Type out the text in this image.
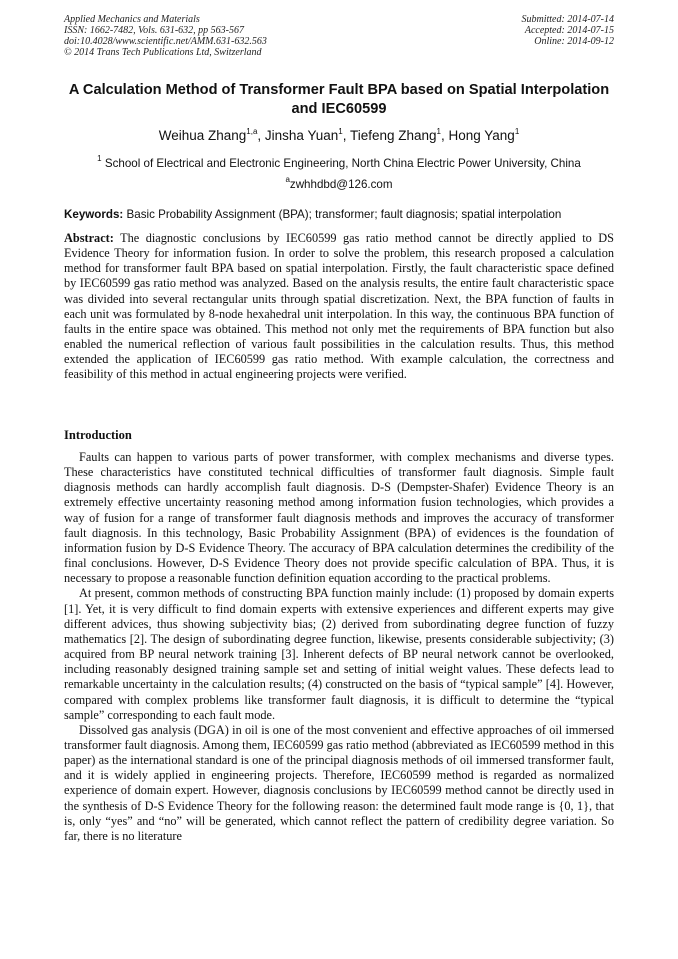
Applied Mechanics and Materials
ISSN: 1662-7482, Vols. 631-632, pp 563-567
doi:10.4028/www.scientific.net/AMM.631-632.563
© 2014 Trans Tech Publications Ltd, Switzerland
Submitted: 2014-07-14
Accepted: 2014-07-15
Online: 2014-09-12
A Calculation Method of Transformer Fault BPA based on Spatial Interpolation and IEC60599
Weihua Zhang$^{1,a}$, Jinsha Yuan$^1$, Tiefeng Zhang$^1$, Hong Yang$^1$
$^1$ School of Electrical and Electronic Engineering, North China Electric Power University, China
$^a$zwhhdbd@126.com
Keywords: Basic Probability Assignment (BPA); transformer; fault diagnosis; spatial interpolation
Abstract: The diagnostic conclusions by IEC60599 gas ratio method cannot be directly applied to DS Evidence Theory for information fusion. In order to solve the problem, this research proposed a calculation method for transformer fault BPA based on spatial interpolation. Firstly, the fault characteristic space defined by IEC60599 gas ratio method was analyzed. Based on the analysis results, the entire fault characteristic space was divided into several rectangular units through spatial discretization. Next, the BPA function of faults in each unit was formulated by 8-node hexahedral unit interpolation. In this way, the continuous BPA function of faults in the entire space was obtained. This method not only met the requirements of BPA function but also enabled the numerical reflection of various fault possibilities in the calculation results. Thus, this method extended the application of IEC60599 gas ratio method. With example calculation, the correctness and feasibility of this method in actual engineering projects were verified.
Introduction

Faults can happen to various parts of power transformer, with complex mechanisms and diverse types. These characteristics have constituted technical difficulties of transformer fault diagnosis. Simple fault diagnosis methods can hardly accomplish fault diagnosis. D-S (Dempster-Shafer) Evidence Theory is an extremely effective uncertainty reasoning method among information fusion technologies, which provides a way of fusion for a range of transformer fault diagnosis methods and improves the accuracy of transformer fault diagnosis. In this technology, Basic Probability Assignment (BPA) of evidences is the foundation of information fusion by D-S Evidence Theory. The accuracy of BPA calculation determines the credibility of the final conclusions. However, D-S Evidence Theory does not provide specific calculation of BPA. Thus, it is necessary to propose a reasonable function definition equation according to the practical problems.

At present, common methods of constructing BPA function mainly include: (1) proposed by domain experts [1]. Yet, it is very difficult to find domain experts with extensive experiences and different experts may give different advices, thus showing subjectivity bias; (2) derived from subordinating degree function of fuzzy mathematics [2]. The design of subordinating degree function, likewise, presents considerable subjectivity; (3) acquired from BP neural network training [3]. Inherent defects of BP neural network cannot be overlooked, including reasonably designed training sample set and setting of initial weight values. These defects lead to remarkable uncertainty in the calculation results; (4) constructed on the basis of “typical sample” [4]. However, compared with complex problems like transformer fault diagnosis, it is difficult to determine the “typical sample” corresponding to each fault mode.

Dissolved gas analysis (DGA) in oil is one of the most convenient and effective approaches of oil immersed transformer fault diagnosis. Among them, IEC60599 gas ratio method (abbreviated as IEC60599 method in this paper) as the international standard is one of the principal diagnosis methods of oil immersed transformer fault, and it is widely applied in engineering projects. Therefore, IEC60599 method is regarded as normalized experience of domain expert. However, diagnosis conclusions by IEC60599 method cannot be directly used in the synthesis of D-S Evidence Theory for the following reason: the determined fault mode range is {0, 1}, that is, only “yes” and “no” will be generated, which cannot reflect the pattern of credibility degree variation. So far, there is no literature
